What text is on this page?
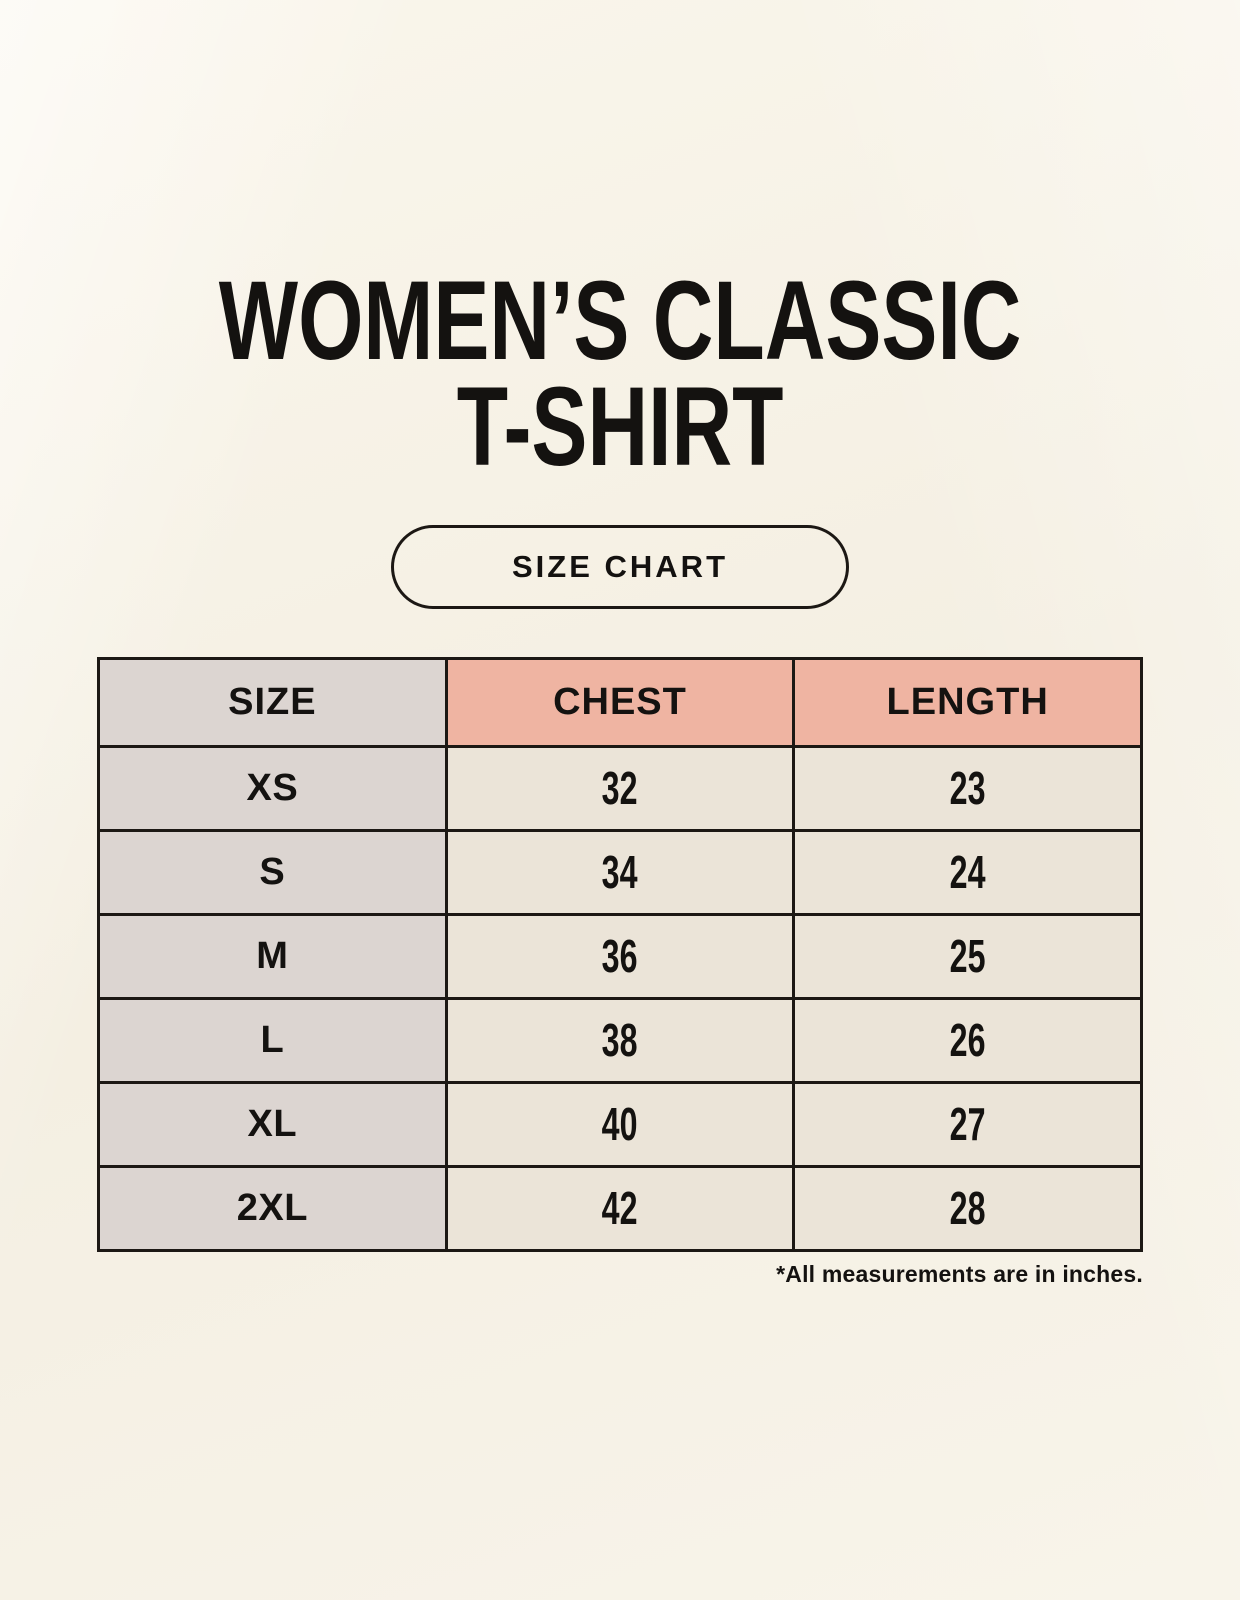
WOMEN’S CLASSIC
T-SHIRT
SIZE CHART
SIZE	CHEST	LENGTH
XS	32	23
S	34	24
M	36	25
L	38	26
XL	40	27
2XL	42	28

*All measurements are in inches.
